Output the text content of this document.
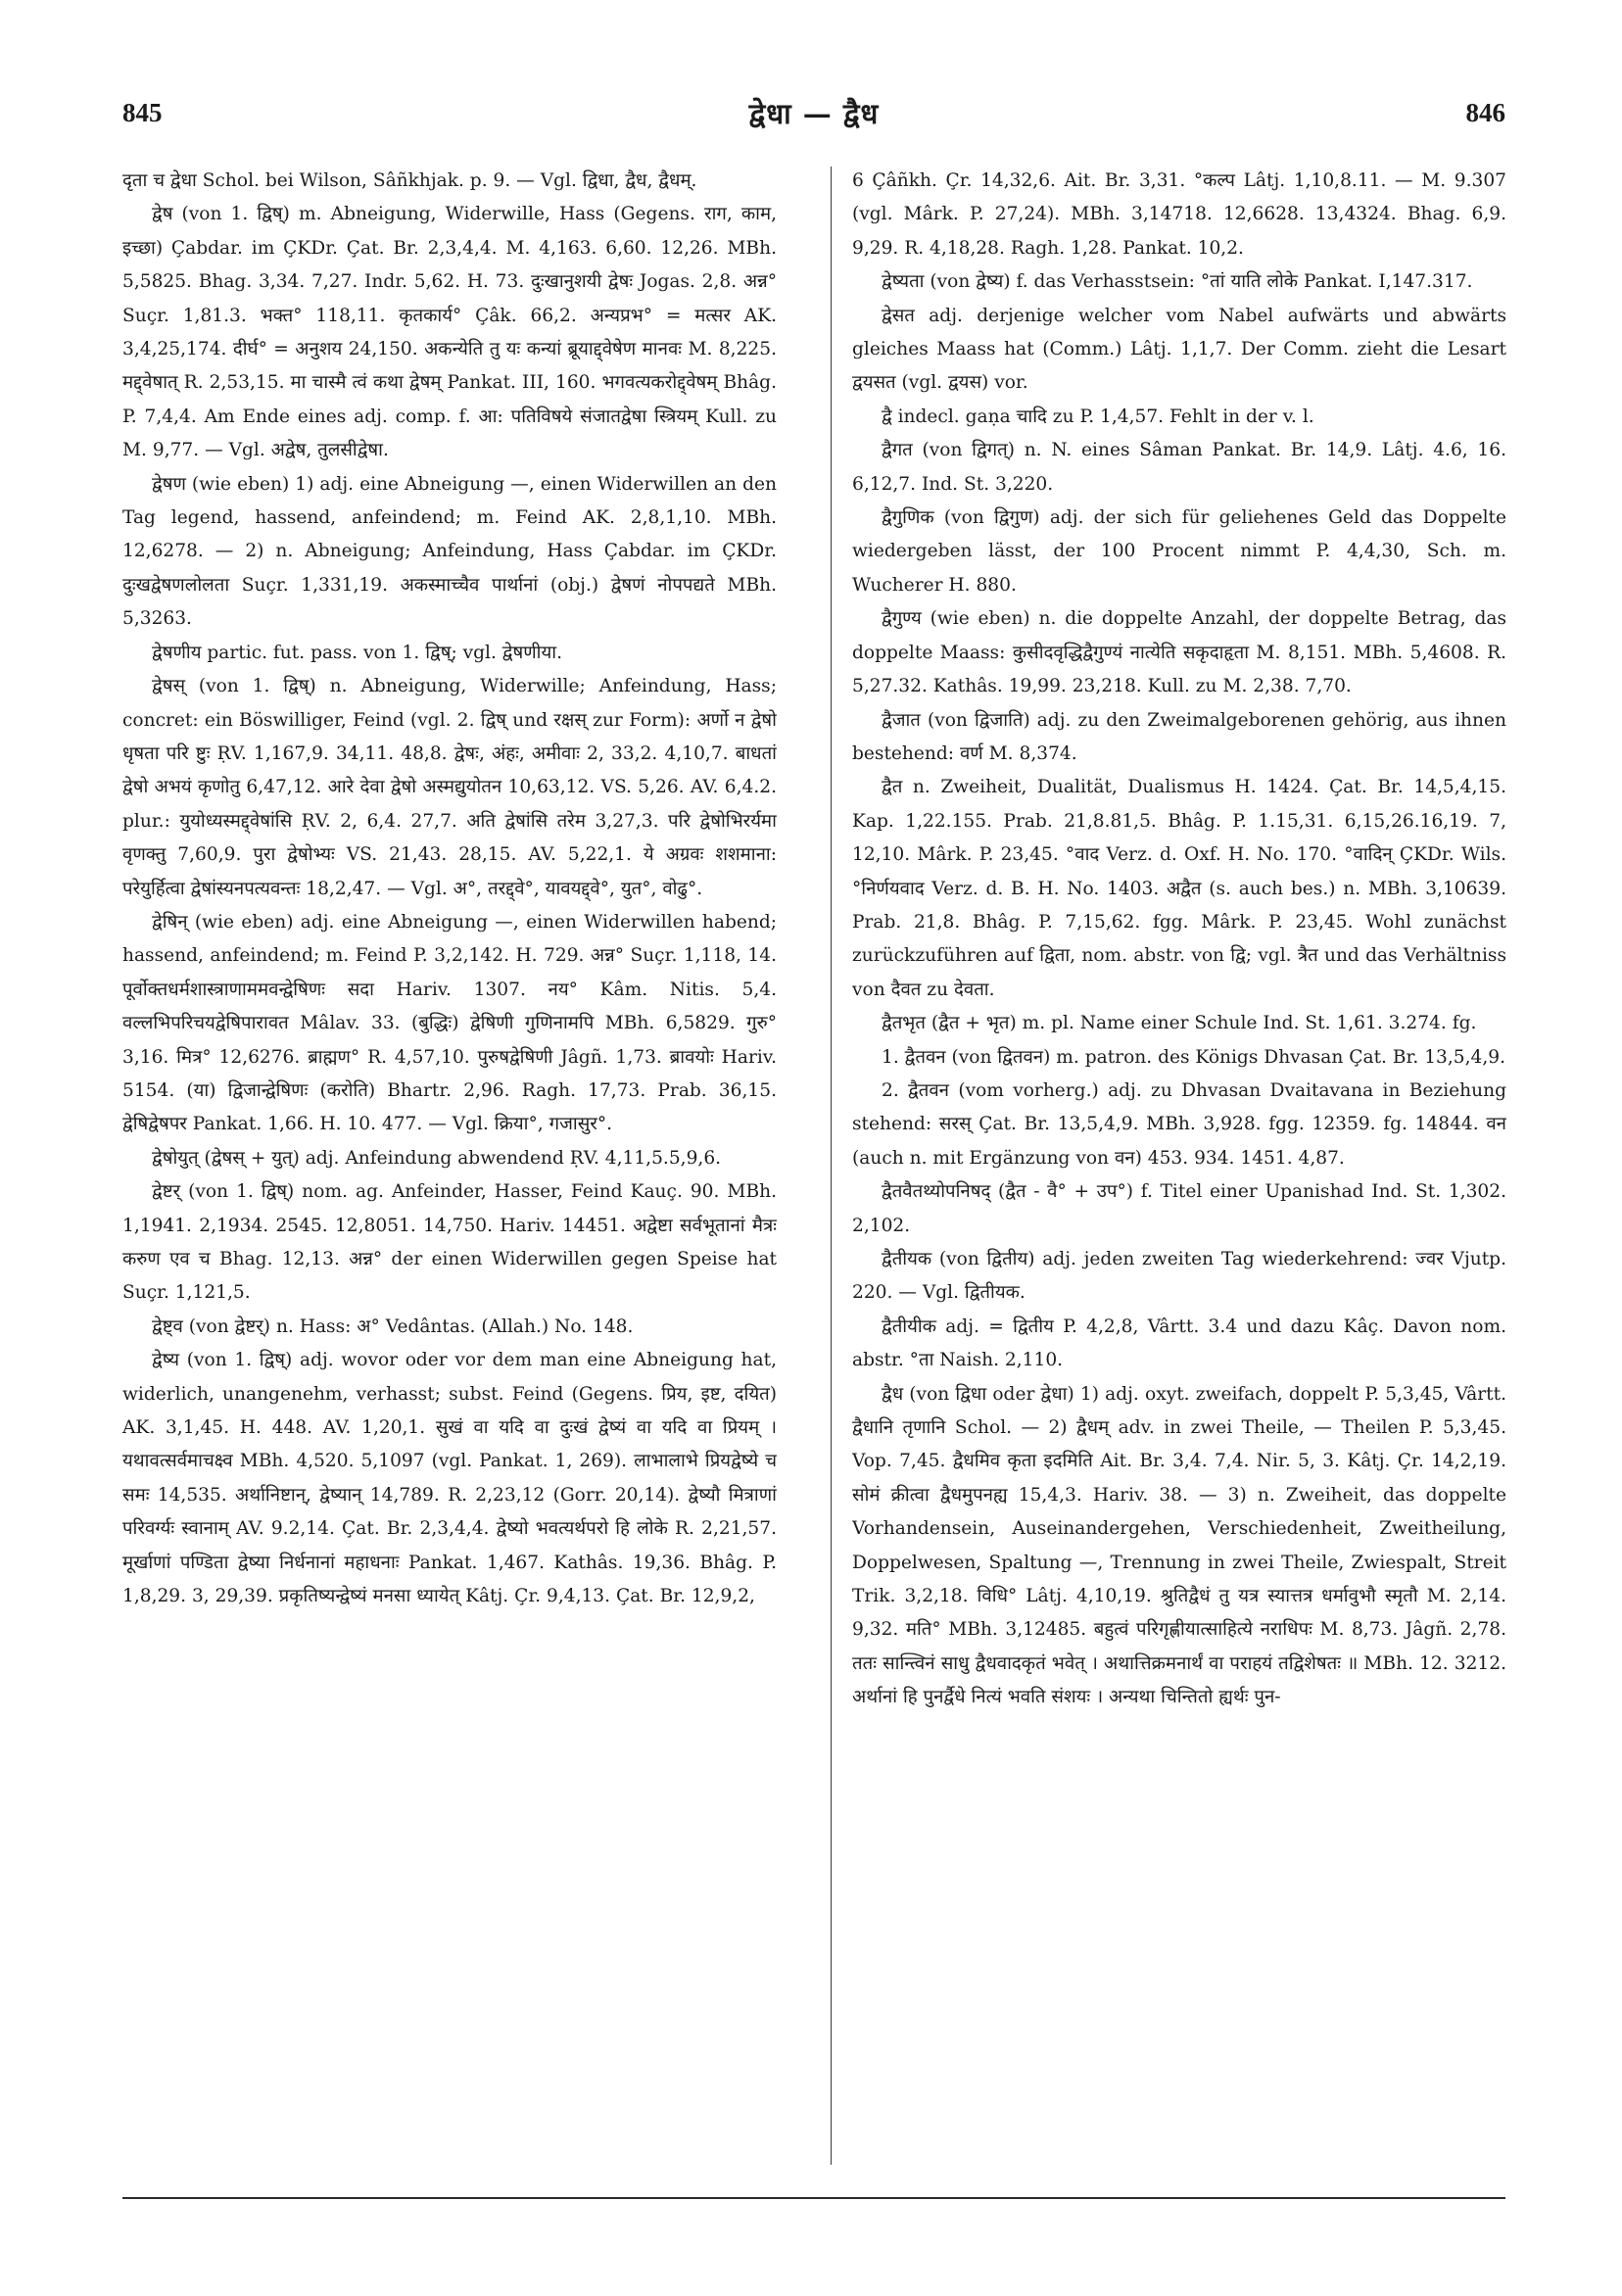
845	द्वेधा — द्वैध	846

दृता च द्वेधा Schol. bei Wilson, Sâñkhjak. p. 9. — Vgl. द्विधा, द्वैध, द्वैधम्.

द्वेष (von 1. द्विष्) m. Abneigung, Widerwille, Hass (Gegens. राग, काम, इच्छा) Çabdar. im ÇKDr. Çat. Br. 2,3,4,4. M. 4,163. 6,60. 12,26. MBh. 5,5825. Bhag. 3,34. 7,27. Indr. 5,62. H. 73. दुःखानुशयी द्वेषः Jogas. 2,8. अन्न° Suçr. 1,81.3. भक्त° 118,11. कृतकार्य° Çâk. 66,2. अन्यप्रभ° = मत्सर AK. 3,4,25,174. दीर्घ° = अनुशय 24,150. अकन्येति तु यः कन्यां ब्रूयाद्द्वेषेण मानवः M. 8,225. मद्द्वेषात् R. 2,53,15. मा चास्मै त्वं कथा द्वेषम् Pankat. III, 160. भगवत्यकरोद्द्वेषम् Bhâg. P. 7,4,4. Am Ende eines adj. comp. f. आ: पतिविषये संजातद्वेषा स्त्रियम् Kull. zu M. 9,77. — Vgl. अद्वेष, तुलसीद्वेषा.

द्वेषण (wie eben) 1) adj. eine Abneigung —, einen Widerwillen an den Tag legend, hassend, anfeindend; m. Feind AK. 2,8,1,10. MBh. 12,6278. — 2) n. Abneigung; Anfeindung, Hass Çabdar. im ÇKDr. दुःखद्वेषणलोलता Suçr. 1,331,19. अकस्माच्चैव पार्थानां (obj.) द्वेषणं नोपपद्यते MBh. 5,3263.

द्वेषणीय partic. fut. pass. von 1. द्विष्; vgl. द्वेषणीया.

द्वेषस् (von 1. द्विष्) n. Abneigung, Widerwille; Anfeindung, Hass; concret: ein Böswilliger, Feind (vgl. 2. द्विष् und रक्षस् zur Form): अर्णो न द्वेषो धृषता परि ष्टुः ṚV. 1,167,9. 34,11. 48,8. द्वेषः, अंहः, अमीवाः 2, 33,2. 4,10,7. बाधतां द्वेषो अभयं कृणोतु 6,47,12. आरे देवा द्वेषो अस्मद्युयोतन 10,63,12. VS. 5,26. AV. 6,4.2. plur.: युयोध्यस्मद्द्वेषांसि ṚV. 2, 6,4. 27,7. अति द्वेषांसि तरेम 3,27,3. परि द्वेषोभिरर्यमा वृणक्तु 7,60,9. पुरा द्वेषोभ्यः VS. 21,43. 28,15. AV. 5,22,1. ये अग्रवः शशमाना: परेयुर्हित्वा द्वेषांस्यनपत्यवन्तः 18,2,47. — Vgl. अ°, तरद्द्वे°, यावयद्द्वे°, युत°, वोढु°.

द्वेषिन् (wie eben) adj. eine Abneigung —, einen Widerwillen habend; hassend, anfeindend; m. Feind P. 3,2,142. H. 729. अन्न° Suçr. 1,118, 14. पूर्वोक्तधर्मशास्त्राणाममवन्द्वेषिणः सदा Hariv. 1307. नय° Kâm. Nitis. 5,4. वल्लभिपरिचयद्वेषिपारावत Mâlav. 33. (बुद्धिः) द्वेषिणी गुणिनामपि MBh. 6,5829. गुरु° 3,16. मित्र° 12,6276. ब्राह्मण° R. 4,57,10. पुरुषद्वेषिणी Jâgñ. 1,73. ब्रावयोः Hariv. 5154. (या) द्विजान्द्वेषिणः (करोति) Bhartr. 2,96. Ragh. 17,73. Prab. 36,15. द्वेषिद्वेषपर Pankat. 1,66. H. 10. 477. — Vgl. क्रिया°, गजासुर°.

द्वेषोयुत् (द्वेषस् + युत्) adj. Anfeindung abwendend ṚV. 4,11,5.5,9,6.

द्वेष्टर् (von 1. द्विष्) nom. ag. Anfeinder, Hasser, Feind Kauç. 90. MBh. 1,1941. 2,1934. 2545. 12,8051. 14,750. Hariv. 14451. अद्वेष्टा सर्वभूतानां मैत्रः करुण एव च Bhag. 12,13. अन्न° der einen Widerwillen gegen Speise hat Suçr. 1,121,5.

द्वेष्ट्व (von द्वेष्टर्) n. Hass: अ° Vedântas. (Allah.) No. 148.

द्वेष्य (von 1. द्विष्) adj. wovor oder vor dem man eine Abneigung hat, widerlich, unangenehm, verhasst; subst. Feind (Gegens. प्रिय, इष्ट, दयित) AK. 3,1,45. H. 448. AV. 1,20,1. सुखं वा यदि वा दुःखं द्वेष्यं वा यदि वा प्रियम् । यथावत्सर्वमाचक्ष्व MBh. 4,520. 5,1097 (vgl. Pankat. 1, 269). लाभालाभे प्रियद्वेष्ये च समः 14,535. अर्थानिष्टान्, द्वेष्यान् 14,789. R. 2,23,12 (Gorr. 20,14). द्वेष्यौ मित्राणां परिवर्ग्यः स्वानाम् AV. 9.2,14. Çat. Br. 2,3,4,4. द्वेष्यो भवत्यर्थपरो हि लोके R. 2,21,57. मूर्खाणां पण्डिता द्वेष्या निर्धनानां महाधनाः Pankat. 1,467. Kathâs. 19,36. Bhâg. P. 1,8,29. 3, 29,39. प्रकृतिष्यन्द्वेष्यं मनसा ध्यायेत् Kâtj. Çr. 9,4,13. Çat. Br. 12,9,2,

6 Çâñkh. Çr. 14,32,6. Ait. Br. 3,31. °कल्प Lâtj. 1,10,8.11. — M. 9.307 (vgl. Mârk. P. 27,24). MBh. 3,14718. 12,6628. 13,4324. Bhag. 6,9. 9,29. R. 4,18,28. Ragh. 1,28. Pankat. 10,2.

द्वेष्यता (von द्वेष्य) f. das Verhasstsein: °तां याति लोके Pankat. I,147.317.

द्वेसत adj. derjenige welcher vom Nabel aufwärts und abwärts gleiches Maass hat (Comm.) Lâtj. 1,1,7. Der Comm. zieht die Lesart द्वयसत (vgl. द्वयस) vor.

द्वै indecl. gaṇa चादि zu P. 1,4,57. Fehlt in der v. l.

द्वैगत (von द्विगत्) n. N. eines Sâman Pankat. Br. 14,9. Lâtj. 4.6, 16. 6,12,7. Ind. St. 3,220.

द्वैगुणिक (von द्विगुण) adj. der sich für geliehenes Geld das Doppelte wiedergeben lässt, der 100 Procent nimmt P. 4,4,30, Sch. m. Wucherer H. 880.

द्वैगुण्य (wie eben) n. die doppelte Anzahl, der doppelte Betrag, das doppelte Maass: कुसीदवृद्धिद्वैगुण्यं नात्येति सकृदाहृता M. 8,151. MBh. 5,4608. R. 5,27.32. Kathâs. 19,99. 23,218. Kull. zu M. 2,38. 7,70.

द्वैजात (von द्विजाति) adj. zu den Zweimalgeborenen gehörig, aus ihnen bestehend: वर्ण M. 8,374.

द्वैत n. Zweiheit, Dualität, Dualismus H. 1424. Çat. Br. 14,5,4,15. Kap. 1,22.155. Prab. 21,8.81,5. Bhâg. P. 1.15,31. 6,15,26.16,19. 7, 12,10. Mârk. P. 23,45. °वाद Verz. d. Oxf. H. No. 170. °वादिन् ÇKDr. Wils. °निर्णयवाद Verz. d. B. H. No. 1403. अद्वैत (s. auch bes.) n. MBh. 3,10639. Prab. 21,8. Bhâg. P. 7,15,62. fgg. Mârk. P. 23,45. Wohl zunächst zurückzuführen auf द्विता, nom. abstr. von द्वि; vgl. त्रैत und das Verhältniss von दैवत zu देवता.

द्वैतभृत (द्वैत + भृत) m. pl. Name einer Schule Ind. St. 1,61. 3.274. fg.

1. द्वैतवन (von द्वितवन) m. patron. des Königs Dhvasan Çat. Br. 13,5,4,9.

2. द्वैतवन (vom vorherg.) adj. zu Dhvasan Dvaitavana in Beziehung stehend: सरस् Çat. Br. 13,5,4,9. MBh. 3,928. fgg. 12359. fg. 14844. वन (auch n. mit Ergänzung von वन) 453. 934. 1451. 4,87.

द्वैतवैतथ्योपनिषद् (द्वैत - वै° + उप°) f. Titel einer Upanishad Ind. St. 1,302. 2,102.

द्वैतीयक (von द्वितीय) adj. jeden zweiten Tag wiederkehrend: ज्वर Vjutp. 220. — Vgl. द्वितीयक.

द्वैतीयीक adj. = द्वितीय P. 4,2,8, Vârtt. 3.4 und dazu Kâç. Davon nom. abstr. °ता Naish. 2,110.

द्वैध (von द्विधा oder द्वेधा) 1) adj. oxyt. zweifach, doppelt P. 5,3,45, Vârtt. द्वैधानि तृणानि Schol. — 2) द्वैधम् adv. in zwei Theile, — Theilen P. 5,3,45. Vop. 7,45. द्वैधमिव कृता इदमिति Ait. Br. 3,4. 7,4. Nir. 5, 3. Kâtj. Çr. 14,2,19. सोमं क्रीत्वा द्वैधमुपनह्य 15,4,3. Hariv. 38. — 3) n. Zweiheit, das doppelte Vorhandensein, Auseinandergehen, Verschiedenheit, Zweitheilung, Doppelwesen, Spaltung —, Trennung in zwei Theile, Zwiespalt, Streit Trik. 3,2,18. विधि° Lâtj. 4,10,19. श्रुतिद्वैधं तु यत्र स्यात्तत्र धर्मावुभौ स्मृतौ M. 2,14. 9,32. मति° MBh. 3,12485. बहुत्वं परिगृह्णीयात्साहित्ये नराधिपः M. 8,73. Jâgñ. 2,78. ततः सान्त्विनं साधु द्वैधवादकृतं भवेत् । अथात्तिक्रमनार्थं वा पराहयं तद्विशेषतः ॥ MBh. 12. 3212. अर्थानां हि पुनर्द्वैधे नित्यं भवति संशयः । अन्यथा चिन्तितो ह्यर्थः पुन-
